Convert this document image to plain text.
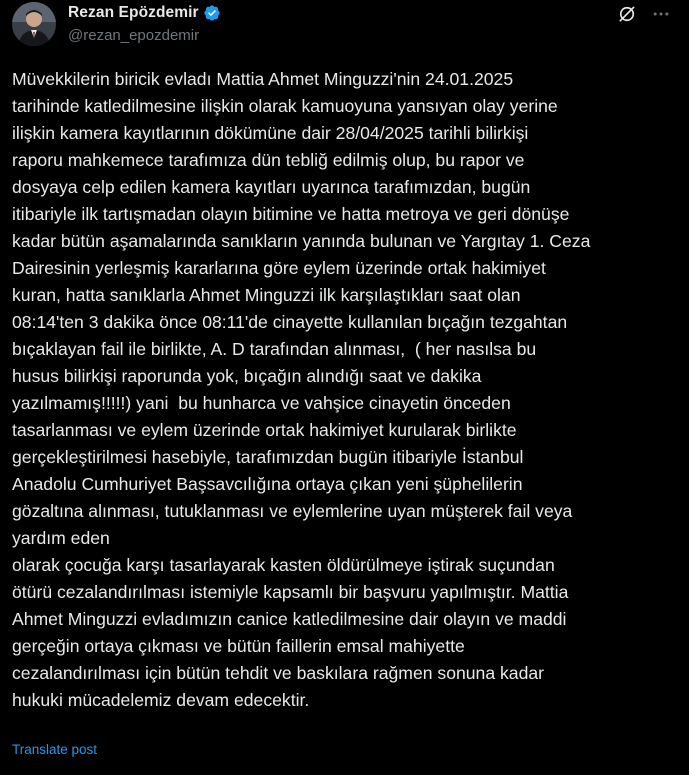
Rezan Epözdemir
@rezan_epozdemir

Müvekkilerin biricik evladı Mattia Ahmet Minguzzi'nin 24.01.2025
tarihinde katledilmesine ilişkin olarak kamuoyuna yansıyan olay yerine
ilişkin kamera kayıtlarının dökümüne dair 28/04/2025 tarihli bilirkişi
raporu mahkemece tarafımıza dün tebliğ edilmiş olup, bu rapor ve
dosyaya celp edilen kamera kayıtları uyarınca tarafımızdan, bugün
itibariyle ilk tartışmadan olayın bitimine ve hatta metroya ve geri dönüşe
kadar bütün aşamalarında sanıkların yanında bulunan ve Yargıtay 1. Ceza
Dairesinin yerleşmiş kararlarına göre eylem üzerinde ortak hakimiyet
kuran, hatta sanıklarla Ahmet Minguzzi ilk karşılaştıkları saat olan
08:14'ten 3 dakika önce 08:11'de cinayette kullanılan bıçağın tezgahtan
bıçaklayan fail ile birlikte, A. D tarafından alınması,  ( her nasılsa bu
husus bilirkişi raporunda yok, bıçağın alındığı saat ve dakika
yazılmamış!!!!!) yani  bu hunharca ve vahşice cinayetin önceden
tasarlanması ve eylem üzerinde ortak hakimiyet kurularak birlikte
gerçekleştirilmesi hasebiyle, tarafımızdan bugün itibariyle İstanbul
Anadolu Cumhuriyet Başsavcılığına ortaya çıkan yeni şüphelilerin
gözaltına alınması, tutuklanması ve eylemlerine uyan müşterek fail veya
yardım eden
olarak çocuğa karşı tasarlayarak kasten öldürülmeye iştirak suçundan
ötürü cezalandırılması istemiyle kapsamlı bir başvuru yapılmıştır. Mattia
Ahmet Minguzzi evladımızın canice katledilmesine dair olayın ve maddi
gerçeğin ortaya çıkması ve bütün faillerin emsal mahiyette
cezalandırılması için bütün tehdit ve baskılara rağmen sonuna kadar
hukuki mücadelemiz devam edecektir.

Translate post
